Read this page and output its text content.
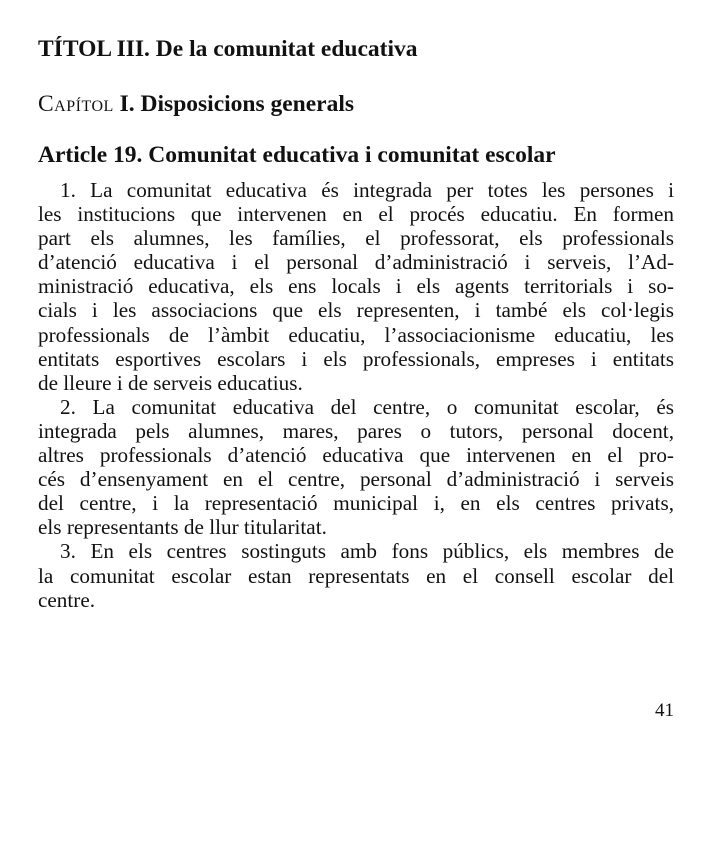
TÍTOL III. De la comunitat educativa
Capítol I. Disposicions generals
Article 19. Comunitat educativa i comunitat escolar

1. La comunitat educativa és integrada per totes les persones i
les institucions que intervenen en el procés educatiu. En formen
part els alumnes, les famílies, el professorat, els professionals
d’atenció educativa i el personal d’administració i serveis, l’Ad-
ministració educativa, els ens locals i els agents territorials i so-
cials i les associacions que els representen, i també els col·legis
professionals de l’àmbit educatiu, l’associacionisme educatiu, les
entitats esportives escolars i els professionals, empreses i entitats
de lleure i de serveis educatius.

2. La comunitat educativa del centre, o comunitat escolar, és
integrada pels alumnes, mares, pares o tutors, personal docent,
altres professionals d’atenció educativa que intervenen en el pro-
cés d’ensenyament en el centre, personal d’administració i serveis
del centre, i la representació municipal i, en els centres privats,
els representants de llur titularitat.

3. En els centres sostinguts amb fons públics, els membres de
la comunitat escolar estan representats en el consell escolar del
centre.

41
